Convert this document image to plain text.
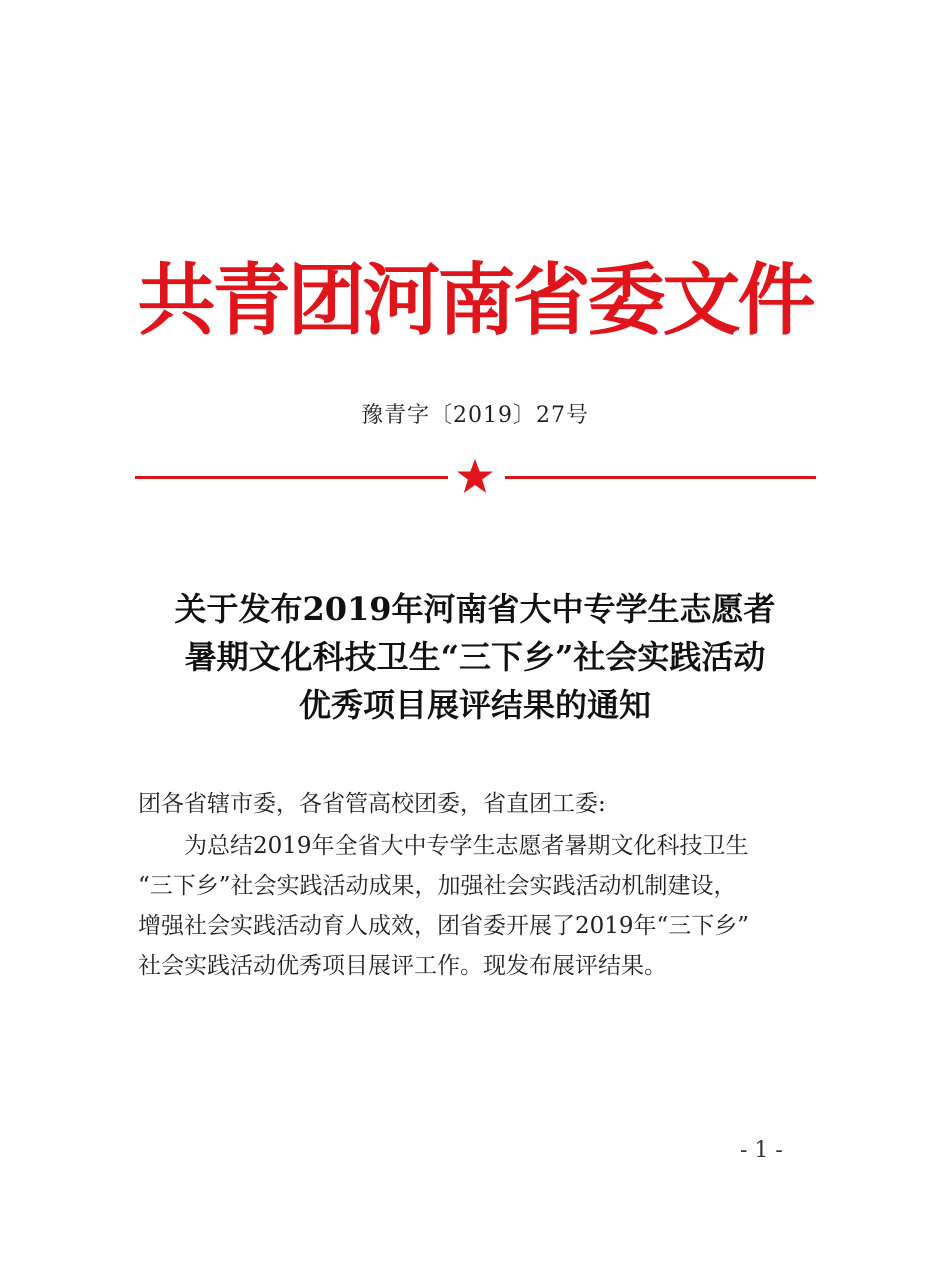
共青团河南省委文件
豫青字〔2019〕27号
关于发布2019年河南省大中专学生志愿者
暑期文化科技卫生“三下乡”社会实践活动
优秀项目展评结果的通知
团各省辖市委，各省管高校团委，省直团工委:
为总结2019年全省大中专学生志愿者暑期文化科技卫生
“三下乡”社会实践活动成果，加强社会实践活动机制建设，
增强社会实践活动育人成效，团省委开展了2019年“三下乡”
社会实践活动优秀项目展评工作。现发布展评结果。
- 1 -
